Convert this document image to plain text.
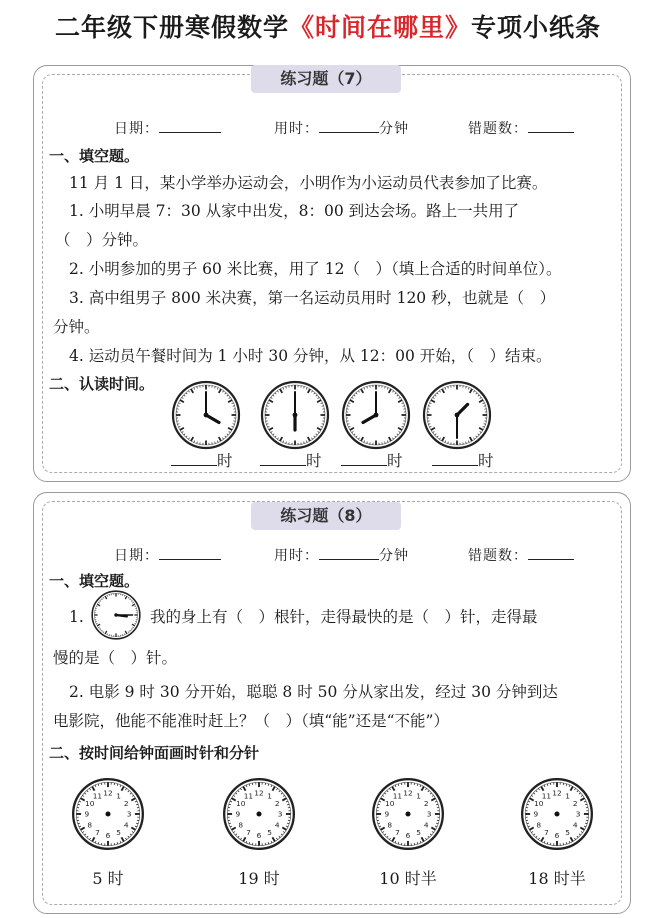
二年级下册寒假数学《时间在哪里》专项小纸条
练习题（7）
日期：	用时：	分钟	错题数：
一、填空题。
11 月 1 日，某小学举办运动会，小明作为小运动员代表参加了比赛。
1. 小明早晨 7：30 从家中出发，8：00 到达会场。路上一共用了
（　）分钟。
2. 小明参加的男子 60 米比赛，用了 12（　）（填上合适的时间单位）。
3. 高中组男子 800 米决赛，第一名运动员用时 120 秒，也就是（　）
分钟。
4. 运动员午餐时间为 1 小时 30 分钟，从 12：00 开始，（　）结束。
二、认读时间。
时	时	时	时
练习题（8）
日期：	用时：	分钟	错题数：
一、填空题。
1.	我的身上有（　）根针，走得最快的是（　）针，走得最
慢的是（　）针。
2. 电影 9 时 30 分开始，聪聪 8 时 50 分从家出发，经过 30 分钟到达
电影院，他能不能准时赶上？（　）（填“能”还是“不能”）
二、按时间给钟面画时针和分针
12 1
2
3
4
5
6
7
8
9
10
11	12 1
2
3
4
5
6
7
8
9
10
11	12 1
2
3
4
5
6
7
8
9
10
11	12 1
2
3
4
5
6
7
8
9
10
11
5 时	19 时	10 时半	18 时半
